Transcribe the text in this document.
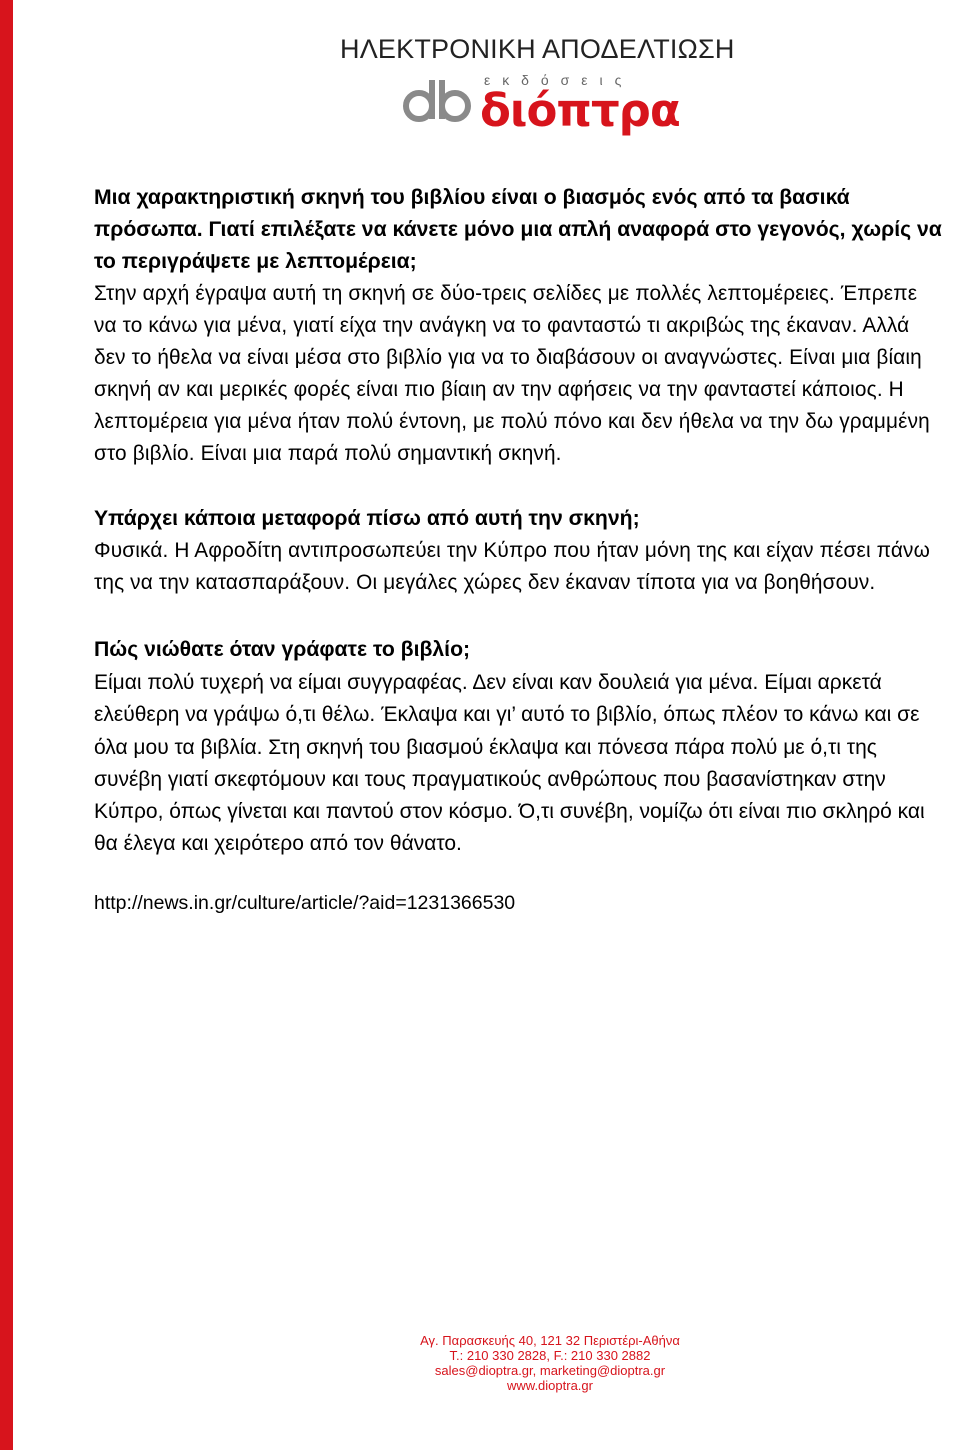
ΗΛΕΚΤΡΟΝΙΚΗ ΑΠΟΔΕΛΤΙΩΣΗ
εκδόσεις
διόπτρα

Μια χαρακτηριστική σκηνή του βιβλίου είναι ο βιασμός ενός από τα βασικά πρόσωπα. Γιατί επιλέξατε να κάνετε μόνο μια απλή αναφορά στο γεγονός, χωρίς να το περιγράψετε με λεπτομέρεια;

Στην αρχή έγραψα αυτή τη σκηνή σε δύο-τρεις σελίδες με πολλές λεπτομέρειες. Έπρεπε να το κάνω για μένα, γιατί είχα την ανάγκη να το φανταστώ τι ακριβώς της έκαναν. Αλλά δεν το ήθελα να είναι μέσα στο βιβλίο για να το διαβάσουν οι αναγνώστες. Είναι μια βίαιη σκηνή αν και μερικές φορές είναι πιο βίαιη αν την αφήσεις να την φανταστεί κάποιος. Η λεπτομέρεια για μένα ήταν πολύ έντονη, με πολύ πόνο και δεν ήθελα να την δω γραμμένη στο βιβλίο. Είναι μια παρά πολύ σημαντική σκηνή.

Υπάρχει κάποια μεταφορά πίσω από αυτή την σκηνή;

Φυσικά. Η Αφροδίτη αντιπροσωπεύει την Κύπρο που ήταν μόνη της και είχαν πέσει πάνω της να την κατασπαράξουν. Οι μεγάλες χώρες δεν έκαναν τίποτα για να βοηθήσουν.

Πώς νιώθατε όταν γράφατε το βιβλίο;

Είμαι πολύ τυχερή να είμαι συγγραφέας. Δεν είναι καν δουλειά για μένα. Είμαι αρκετά ελεύθερη να γράψω ό,τι θέλω. Έκλαψα και γι’ αυτό το βιβλίο, όπως πλέον το κάνω και σε όλα μου τα βιβλία. Στη σκηνή του βιασμού έκλαψα και πόνεσα πάρα πολύ με ό,τι της συνέβη γιατί σκεφτόμουν και τους πραγματικούς ανθρώπους που βασανίστηκαν στην Κύπρο, όπως γίνεται και παντού στον κόσμο. Ό,τι συνέβη, νομίζω ότι είναι πιο σκληρό και θα έλεγα και χειρότερο από τον θάνατο.

http://news.in.gr/culture/article/?aid=1231366530
Αγ. Παρασκευής 40, 121 32 Περιστέρι-Αθήνα
T.: 210 330 2828, F.: 210 330 2882
sales@dioptra.gr, marketing@dioptra.gr
www.dioptra.gr
